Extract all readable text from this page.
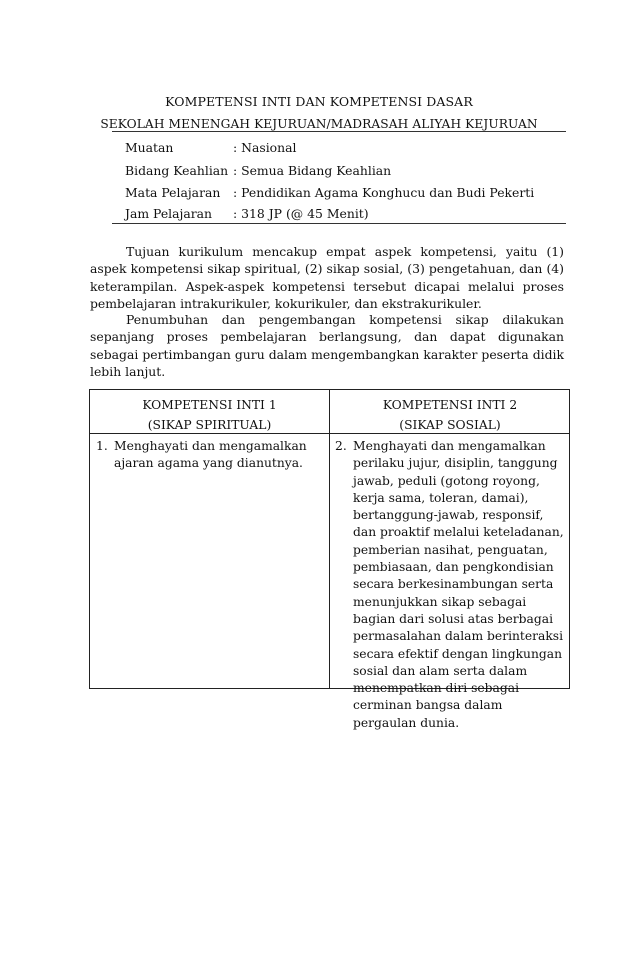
KOMPETENSI INTI DAN KOMPETENSI DASAR
SEKOLAH MENENGAH KEJURUAN/MADRASAH ALIYAH KEJURUAN
Muatan	: Nasional
Bidang Keahlian : Semua Bidang Keahlian
Mata Pelajaran : Pendidikan Agama Konghucu dan Budi Pekerti
Jam Pelajaran : 318 JP (@ 45 Menit)
Tujuan kurikulum mencakup empat aspek kompetensi, yaitu (1) aspek kompetensi sikap spiritual, (2) sikap sosial, (3) pengetahuan, dan (4) keterampilan. Aspek-aspek kompetensi tersebut dicapai melalui proses pembelajaran intrakurikuler, kokurikuler, dan ekstrakurikuler.
Penumbuhan dan pengembangan kompetensi sikap dilakukan sepanjang proses pembelajaran berlangsung, dan dapat digunakan sebagai pertimbangan guru dalam mengembangkan karakter peserta didik lebih lanjut.
KOMPETENSI INTI 1
(SIKAP SPIRITUAL)
KOMPETENSI INTI 2
(SIKAP SOSIAL)
1. Menghayati dan mengamalkan
ajaran agama yang dianutnya.
2. Menghayati dan mengamalkan
perilaku jujur, disiplin, tanggung
jawab, peduli (gotong royong,
kerja sama, toleran, damai),
bertanggung-jawab, responsif,
dan proaktif melalui keteladanan,
pemberian nasihat, penguatan,
pembiasaan, dan pengkondisian
secara berkesinambungan serta
menunjukkan sikap sebagai
bagian dari solusi atas berbagai
permasalahan dalam berinteraksi
secara efektif dengan lingkungan
sosial dan alam serta dalam
menempatkan diri sebagai
cerminan bangsa dalam
pergaulan dunia.
